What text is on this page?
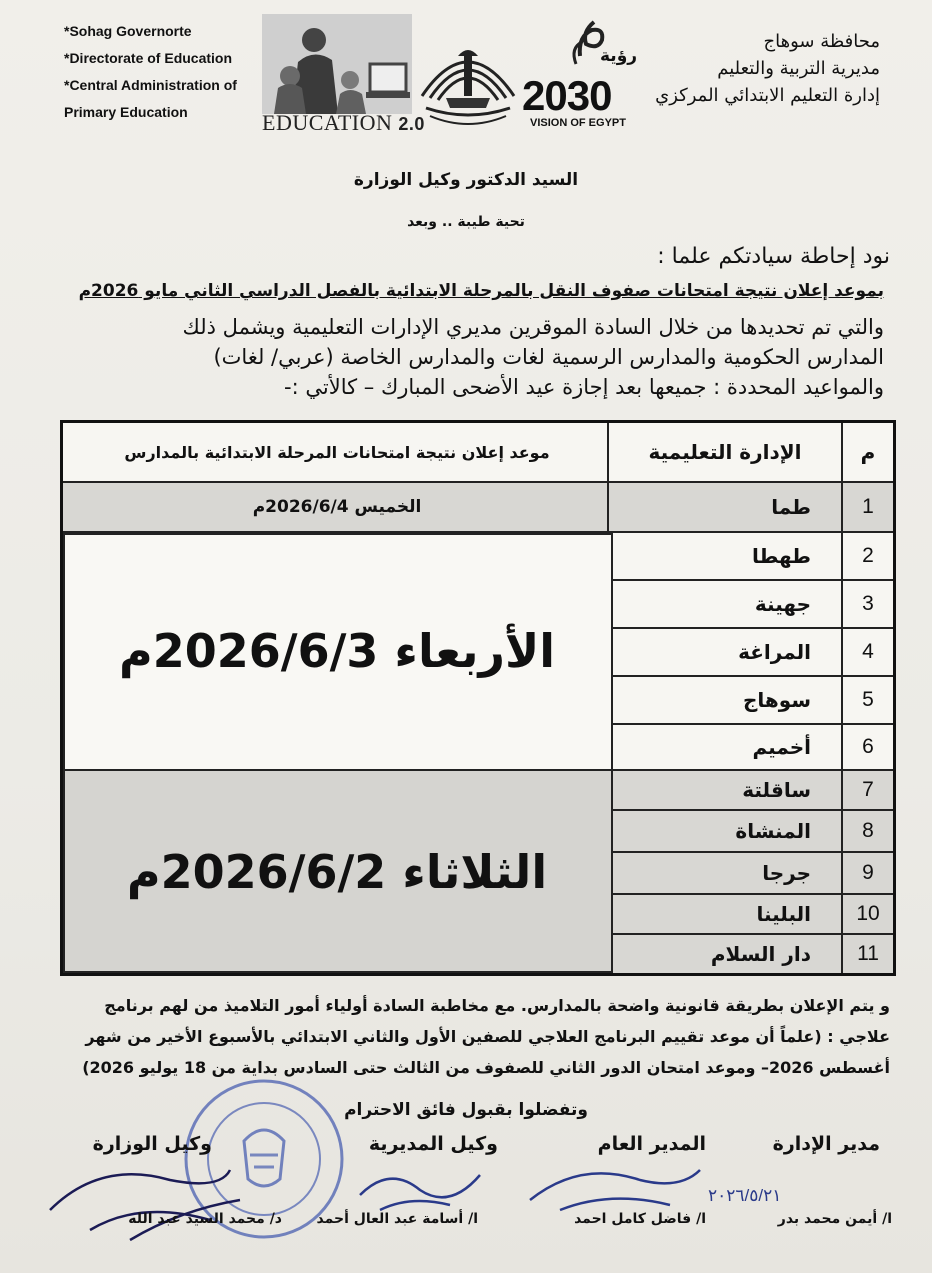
*Sohag Governorte
*Directorate of Education
*Central Administration of
Primary Education	EDUCATION 2.0
رؤية
2030
VISION OF EGYPT
محافظة سوهاج
مديرية التربية والتعليم
إدارة التعليم الابتدائي المركزي
السيد الدكتور وكيل الوزارة
تحية طيبة .. وبعد
نود إحاطة سيادتكم علما :
بموعد إعلان نتيجة امتحانات صفوف النقل بالمرحلة الابتدائية بالفصل الدراسي الثاني مايو 2026م
والتي تم تحديدها من خلال السادة الموقرين مديري الإدارات التعليمية ويشمل ذلك
المدارس الحكومية والمدارس الرسمية لغات والمدارس الخاصة (عربي/ لغات)
والمواعيد المحددة : جميعها بعد إجازة عيد الأضحى المبارك – كالأتي :-
م
الإدارة التعليمية
موعد إعلان نتيجة امتحانات المرحلة الابتدائية بالمدارس
1
طما
الخميس 2026/6/4م
2
طهطا
3
جهينة
4
المراغة
5
سوهاج
6
أخميم
7
ساقلتة
8
المنشاة
9
جرجا
10
البلينا
11
دار السلام
الأربعاء 2026/6/3م
الثلاثاء 2026/6/2م
و يتم الإعلان بطريقة قانونية واضحة بالمدارس. مع مخاطبة السادة أولياء أمور التلاميذ من لهم برنامج
علاجي : (علماً أن موعد تقييم البرنامج العلاجي للصفين الأول والثاني الابتدائي بالأسبوع الأخير من شهر
أغسطس 2026– وموعد امتحان الدور الثاني للصفوف من الثالث حتى السادس بداية من 18 يوليو 2026)
وتفضلوا بقبول فائق الاحترام
٢٠٢٦/٥/٢١
مدير الإدارة
المدير العام
وكيل المديرية
وكيل الوزارة
ا/ أيمن محمد بدر
ا/ فاضل كامل احمد
ا/ أسامة عبد العال أحمد
د/ محمد السيد عبد الله
